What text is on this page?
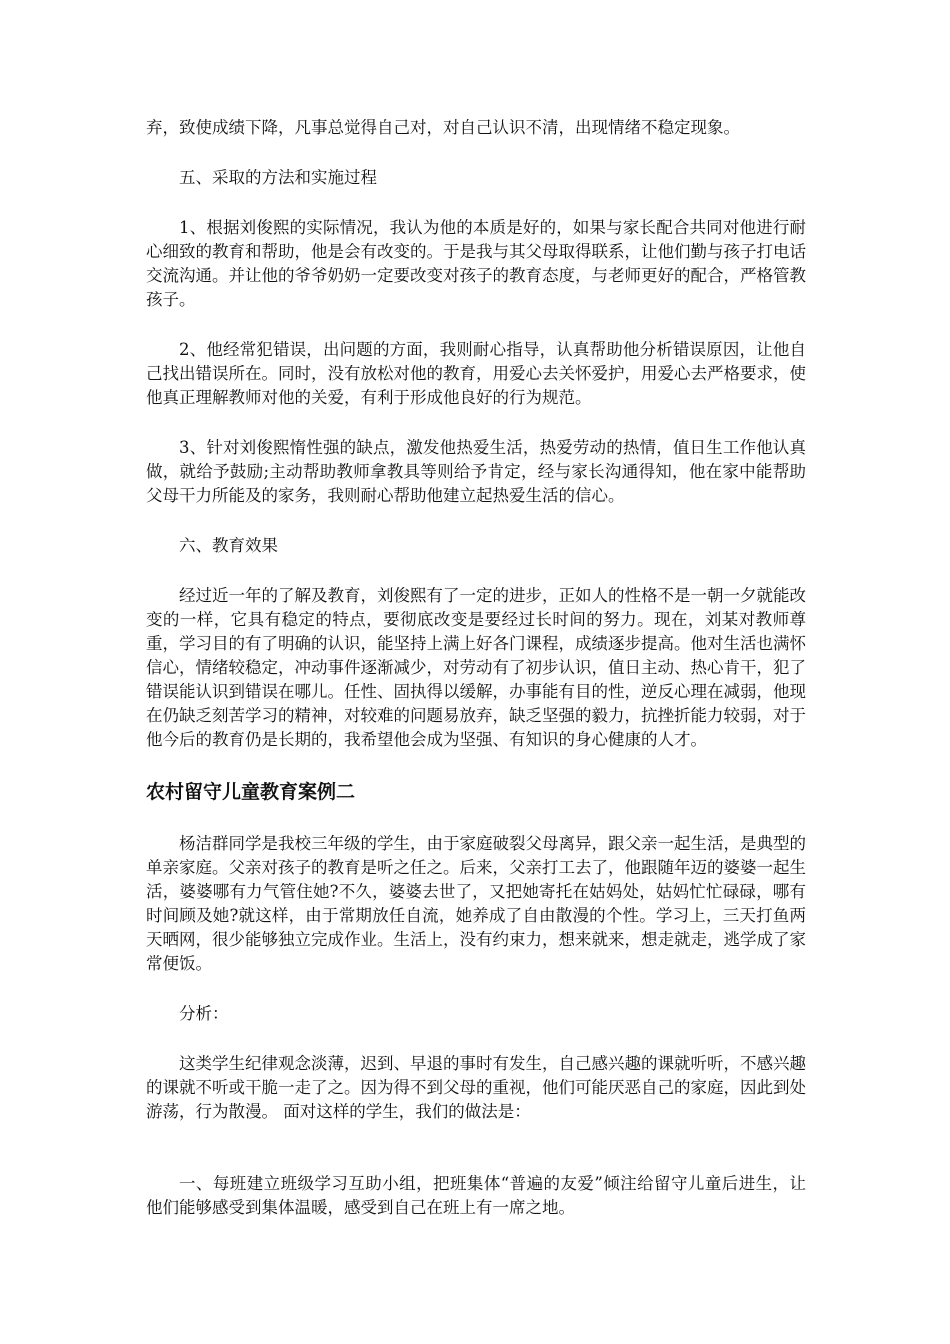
弃，致使成绩下降，凡事总觉得自己对，对自己认识不清，出现情绪不稳定现象。

五、采取的方法和实施过程

1、根据刘俊熙的实际情况，我认为他的本质是好的，如果与家长配合共同对他进行耐心细致的教育和帮助，他是会有改变的。于是我与其父母取得联系，让他们勤与孩子打电话交流沟通。并让他的爷爷奶奶一定要改变对孩子的教育态度，与老师更好的配合，严格管教孩子。

2、他经常犯错误，出问题的方面，我则耐心指导，认真帮助他分析错误原因，让他自己找出错误所在。同时，没有放松对他的教育，用爱心去关怀爱护，用爱心去严格要求，使他真正理解教师对他的关爱，有利于形成他良好的行为规范。

3、针对刘俊熙惰性强的缺点，激发他热爱生活，热爱劳动的热情，值日生工作他认真做，就给予鼓励;主动帮助教师拿教具等则给予肯定，经与家长沟通得知，他在家中能帮助父母干力所能及的家务，我则耐心帮助他建立起热爱生活的信心。

六、教育效果

经过近一年的了解及教育，刘俊熙有了一定的进步，正如人的性格不是一朝一夕就能改变的一样，它具有稳定的特点，要彻底改变是要经过长时间的努力。现在，刘某对教师尊重，学习目的有了明确的认识，能坚持上满上好各门课程，成绩逐步提高。他对生活也满怀信心，情绪较稳定，冲动事件逐渐减少，对劳动有了初步认识，值日主动、热心肯干，犯了错误能认识到错误在哪儿。任性、固执得以缓解，办事能有目的性，逆反心理在减弱，他现在仍缺乏刻苦学习的精神，对较难的问题易放弃，缺乏坚强的毅力，抗挫折能力较弱，对于他今后的教育仍是长期的，我希望他会成为坚强、有知识的身心健康的人才。

农村留守儿童教育案例二

杨洁群同学是我校三年级的学生，由于家庭破裂父母离异，跟父亲一起生活，是典型的单亲家庭。父亲对孩子的教育是听之任之。后来，父亲打工去了，他跟随年迈的婆婆一起生活，婆婆哪有力气管住她?不久，婆婆去世了，又把她寄托在姑妈处，姑妈忙忙碌碌，哪有时间顾及她?就这样，由于常期放任自流，她养成了自由散漫的个性。学习上，三天打鱼两天晒网，很少能够独立完成作业。生活上，没有约束力，想来就来，想走就走，逃学成了家常便饭。

分析：

这类学生纪律观念淡薄，迟到、早退的事时有发生，自己感兴趣的课就听听，不感兴趣的课就不听或干脆一走了之。因为得不到父母的重视，他们可能厌恶自己的家庭，因此到处游荡，行为散漫。 面对这样的学生，我们的做法是：

一、每班建立班级学习互助小组，把班集体“普遍的友爱”倾注给留守儿童后进生，让他们能够感受到集体温暖，感受到自己在班上有一席之地。
